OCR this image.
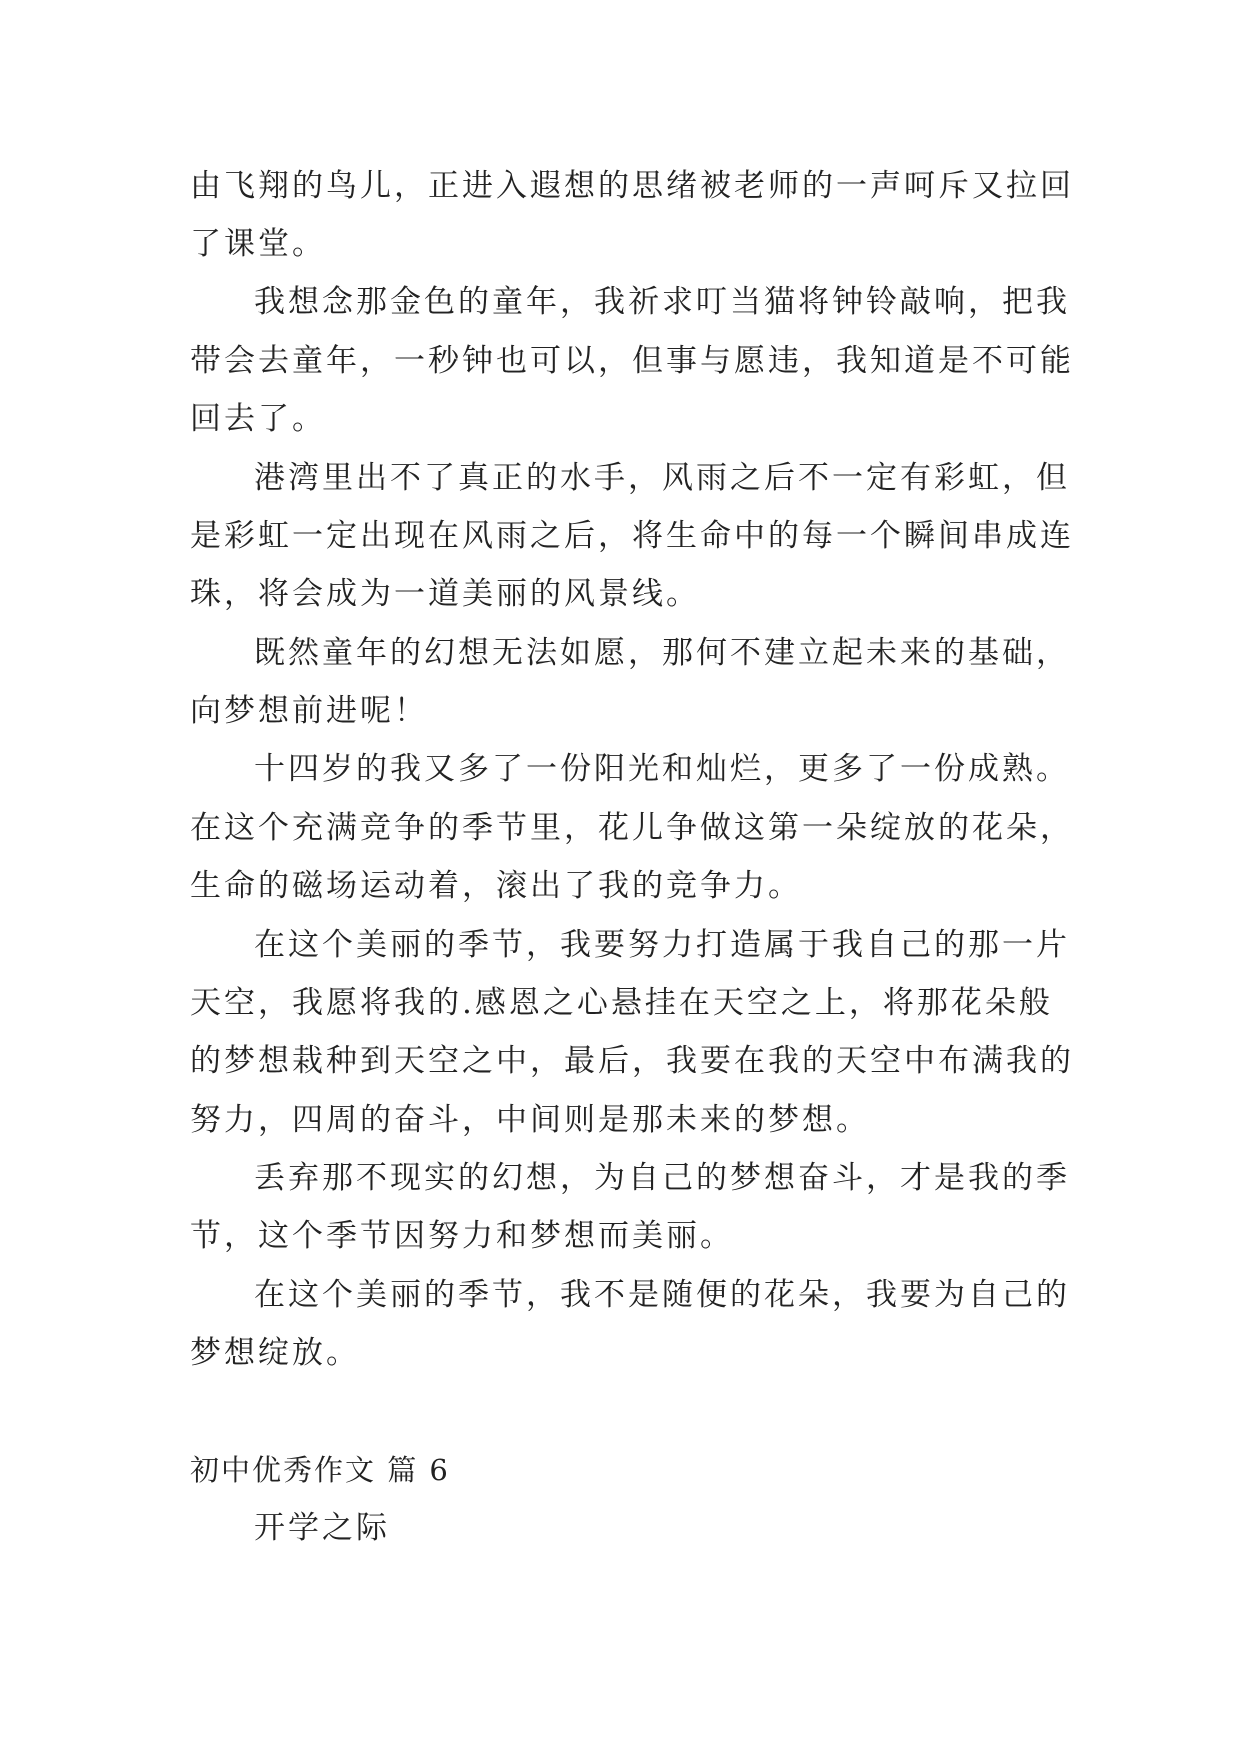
由飞翔的鸟儿，正进入遐想的思绪被老师的一声呵斥又拉回
了课堂。
我想念那金色的童年，我祈求叮当猫将钟铃敲响，把我
带会去童年，一秒钟也可以，但事与愿违，我知道是不可能
回去了。
港湾里出不了真正的水手，风雨之后不一定有彩虹，但
是彩虹一定出现在风雨之后，将生命中的每一个瞬间串成连
珠，将会成为一道美丽的风景线。
既然童年的幻想无法如愿，那何不建立起未来的基础，
向梦想前进呢！
十四岁的我又多了一份阳光和灿烂，更多了一份成熟。
在这个充满竞争的季节里，花儿争做这第一朵绽放的花朵，
生命的磁场运动着，滚出了我的竞争力。
在这个美丽的季节，我要努力打造属于我自己的那一片
天空，我愿将我的.感恩之心悬挂在天空之上，将那花朵般
的梦想栽种到天空之中，最后，我要在我的天空中布满我的
努力，四周的奋斗，中间则是那未来的梦想。
丢弃那不现实的幻想，为自己的梦想奋斗，才是我的季
节，这个季节因努力和梦想而美丽。
在这个美丽的季节，我不是随便的花朵，我要为自己的
梦想绽放。
初中优秀作文 篇 6
开学之际
